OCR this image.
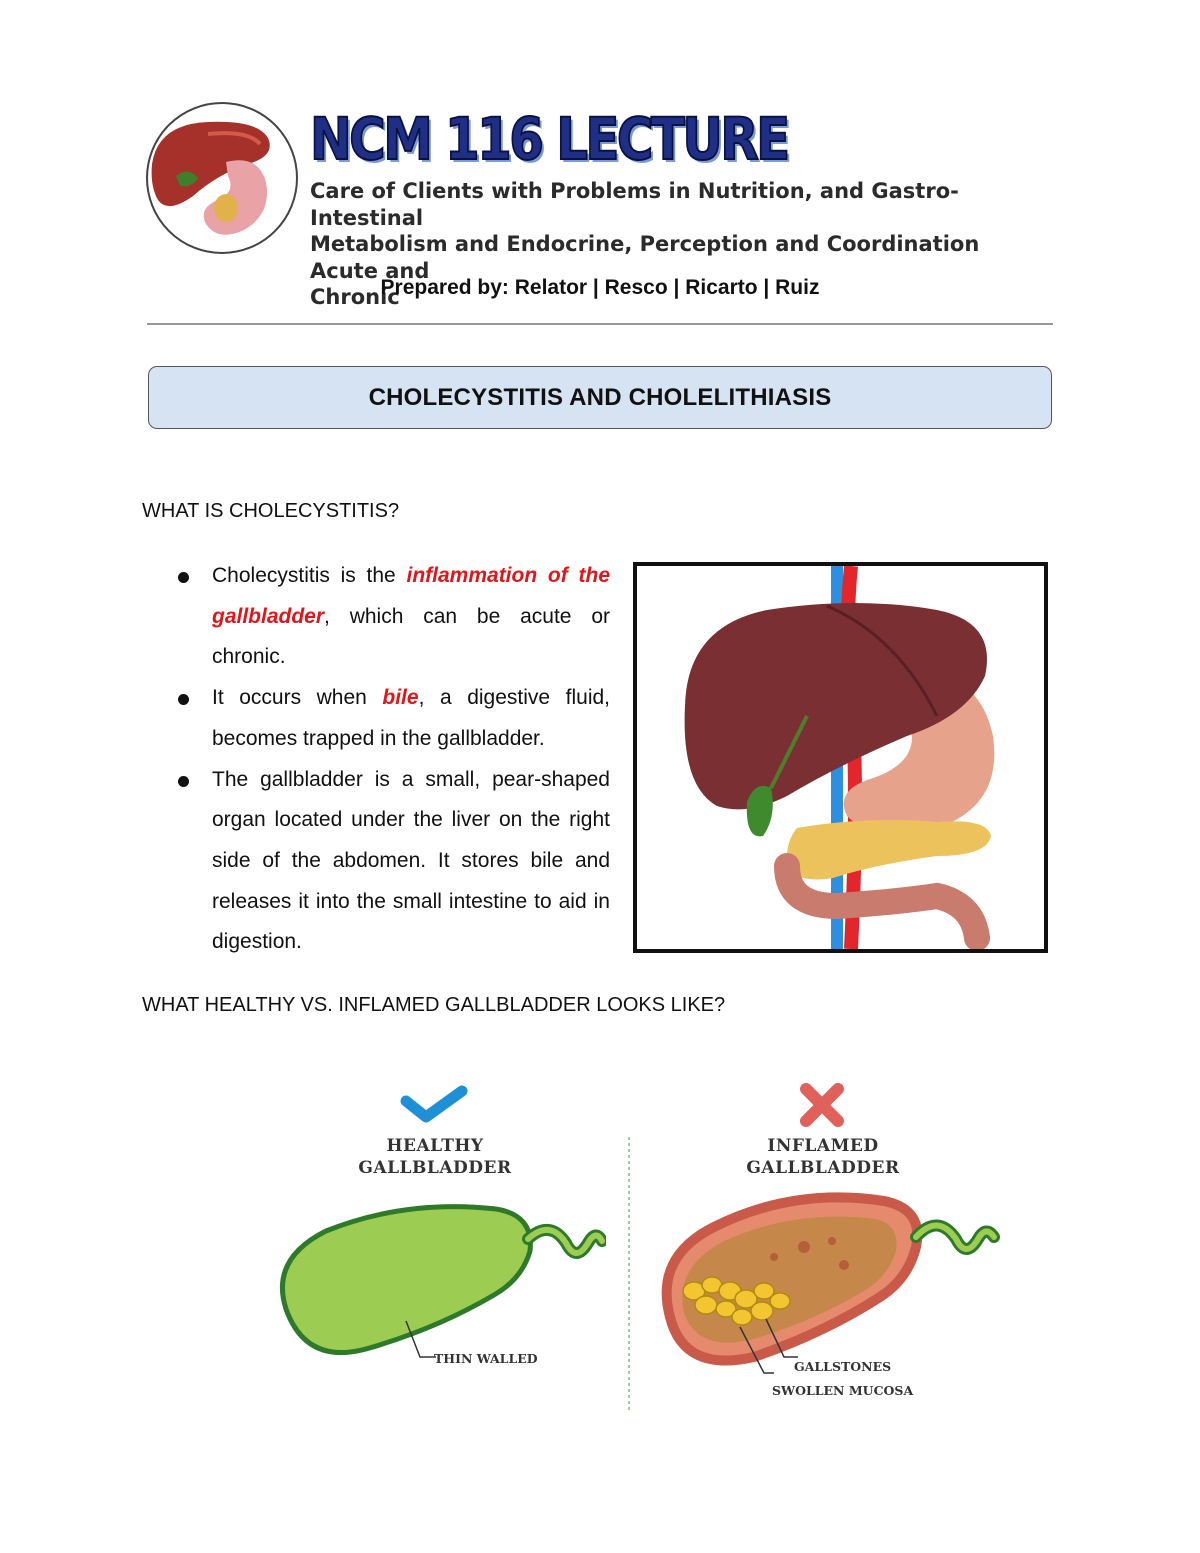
NCM 116 LECTURE
Care of Clients with Problems in Nutrition, and Gastro-Intestinal
Metabolism and Endocrine, Perception and Coordination Acute and
Chronic
Prepared by: Relator | Resco | Ricarto | Ruiz
CHOLECYSTITIS AND CHOLELITHIASIS
WHAT IS CHOLECYSTITIS?
Cholecystitis is the inflammation of the gallbladder, which can be acute or chronic.
It occurs when bile, a digestive fluid, becomes trapped in the gallbladder.
The gallbladder is a small, pear-shaped organ located under the liver on the right side of the abdomen. It stores bile and releases it into the small intestine to aid in digestion.
WHAT HEALTHY VS. INFLAMED GALLBLADDER LOOKS LIKE?
HEALTHY
GALLBLADDER
THIN WALLED
INFLAMED
GALLBLADDER
GALLSTONES
SWOLLEN MUCOSA
